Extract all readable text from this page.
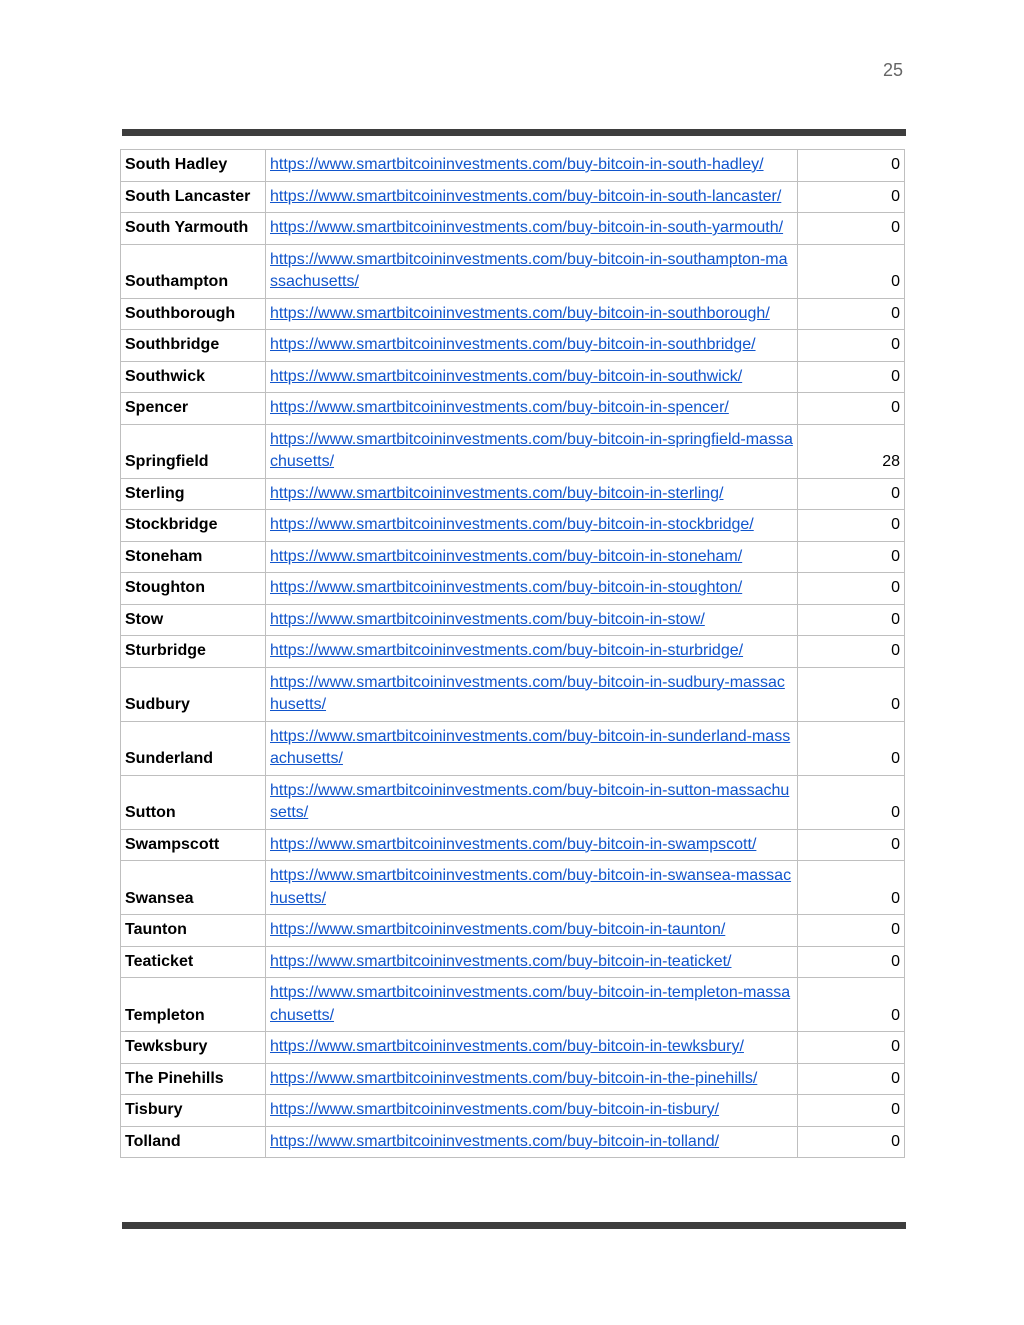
25
South Hadley	https://www.smartbitcoininvestments.com/buy-bitcoin-in-south-hadley/	0
South Lancaster	https://www.smartbitcoininvestments.com/buy-bitcoin-in-south-lancaster/	0
South Yarmouth	https://www.smartbitcoininvestments.com/buy-bitcoin-in-south-yarmouth/	0
Southampton	https://www.smartbitcoininvestments.com/buy-bitcoin-in-southampton-massachusetts/	0
Southborough	https://www.smartbitcoininvestments.com/buy-bitcoin-in-southborough/	0
Southbridge	https://www.smartbitcoininvestments.com/buy-bitcoin-in-southbridge/	0
Southwick	https://www.smartbitcoininvestments.com/buy-bitcoin-in-southwick/	0
Spencer	https://www.smartbitcoininvestments.com/buy-bitcoin-in-spencer/	0
Springfield	https://www.smartbitcoininvestments.com/buy-bitcoin-in-springfield-massachusetts/	28
Sterling	https://www.smartbitcoininvestments.com/buy-bitcoin-in-sterling/	0
Stockbridge	https://www.smartbitcoininvestments.com/buy-bitcoin-in-stockbridge/	0
Stoneham	https://www.smartbitcoininvestments.com/buy-bitcoin-in-stoneham/	0
Stoughton	https://www.smartbitcoininvestments.com/buy-bitcoin-in-stoughton/	0
Stow	https://www.smartbitcoininvestments.com/buy-bitcoin-in-stow/	0
Sturbridge	https://www.smartbitcoininvestments.com/buy-bitcoin-in-sturbridge/	0
Sudbury	https://www.smartbitcoininvestments.com/buy-bitcoin-in-sudbury-massachusetts/	0
Sunderland	https://www.smartbitcoininvestments.com/buy-bitcoin-in-sunderland-massachusetts/	0
Sutton	https://www.smartbitcoininvestments.com/buy-bitcoin-in-sutton-massachusetts/	0
Swampscott	https://www.smartbitcoininvestments.com/buy-bitcoin-in-swampscott/	0
Swansea	https://www.smartbitcoininvestments.com/buy-bitcoin-in-swansea-massachusetts/	0
Taunton	https://www.smartbitcoininvestments.com/buy-bitcoin-in-taunton/	0
Teaticket	https://www.smartbitcoininvestments.com/buy-bitcoin-in-teaticket/	0
Templeton	https://www.smartbitcoininvestments.com/buy-bitcoin-in-templeton-massachusetts/	0
Tewksbury	https://www.smartbitcoininvestments.com/buy-bitcoin-in-tewksbury/	0
The Pinehills	https://www.smartbitcoininvestments.com/buy-bitcoin-in-the-pinehills/	0
Tisbury	https://www.smartbitcoininvestments.com/buy-bitcoin-in-tisbury/	0
Tolland	https://www.smartbitcoininvestments.com/buy-bitcoin-in-tolland/	0
